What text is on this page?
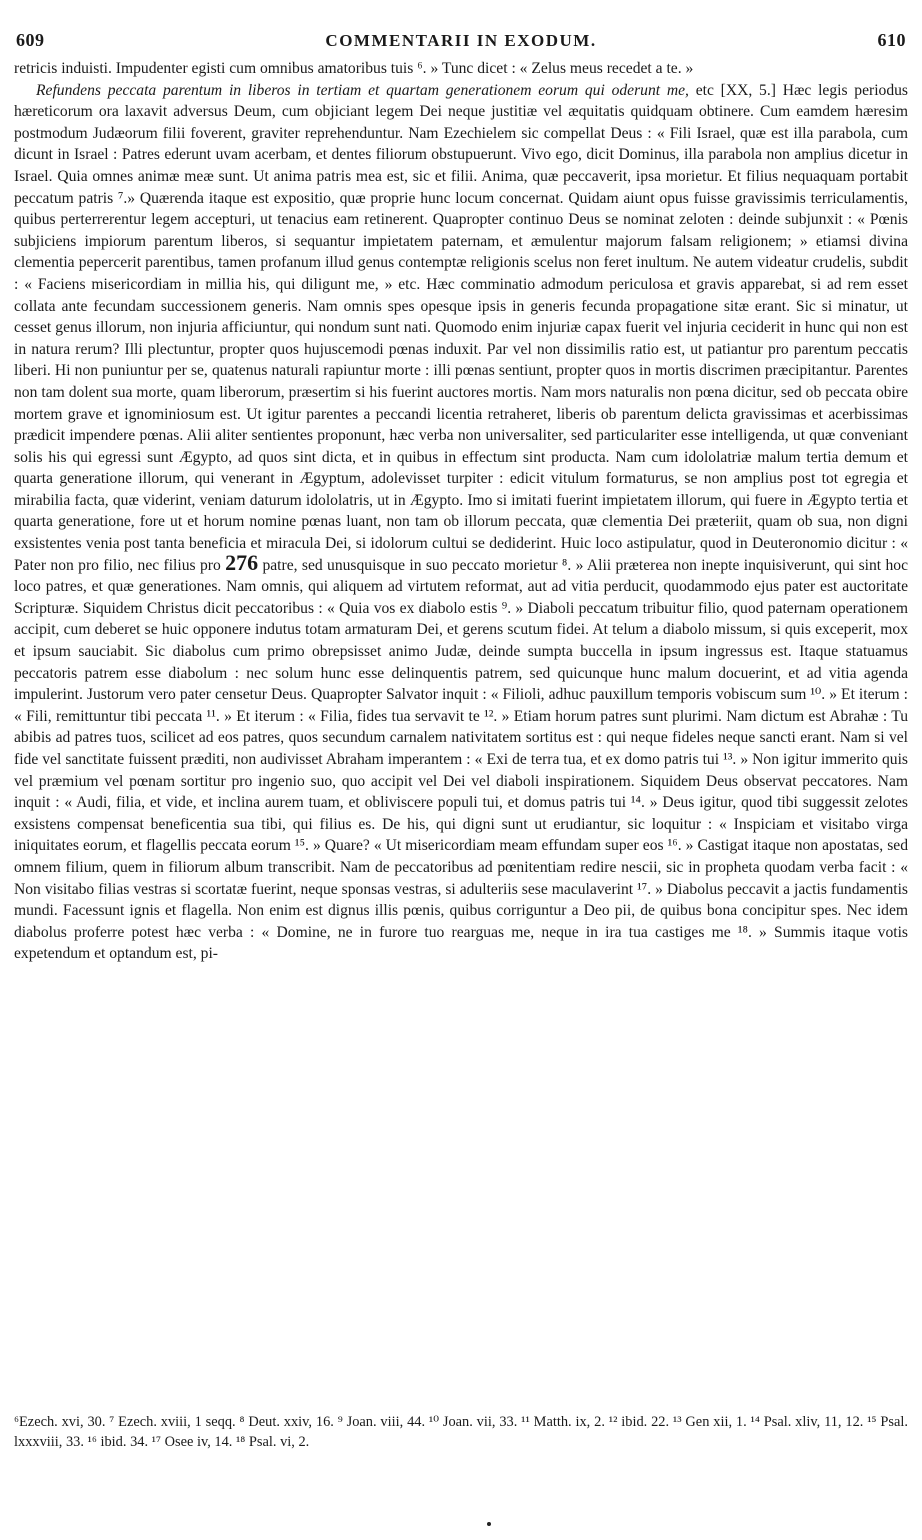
609	COMMENTARII IN EXODUM.	610
retricis induisti. Impudenter egisti cum omnibus amatoribus tuis ⁶. » Tunc dicet : « Zelus meus recedet a te. »
Refundens peccata parentum in liberos in tertiam et quartam generationem eorum qui oderunt me, etc [XX, 5.] Hæc legis periodus hæreticorum ora laxavit adversus Deum, cum objiciant legem Dei neque justitiæ vel æquitatis quidquam obtinere. Cum eamdem hæresim postmodum Judæorum filii foverent, graviter reprehenduntur. Nam Ezechielem sic compellat Deus : « Fili Israel, quæ est illa parabola, cum dicunt in Israel : Patres ederunt uvam acerbam, et dentes filiorum obstupuerunt. Vivo ego, dicit Dominus, illa parabola non amplius dicetur in Israel. Quia omnes animæ meæ sunt. Ut anima patris mea est, sic et filii. Anima, quæ peccaverit, ipsa morietur. Et filius nequaquam portabit peccatum patris ⁷.» Quærenda itaque est expositio, quæ proprie hunc locum concernat. Quidam aiunt opus fuisse gravissimis terriculamentis, quibus perterrerentur legem accepturi, ut tenacius eam retinerent. Quapropter continuo Deus se nominat zeloten : deinde subjunxit : « Pœnis subjiciens impiorum parentum liberos, si sequantur impietatem paternam, et æmulentur majorum falsam religionem; » etiamsi divina clementia pepercerit parentibus, tamen profanum illud genus contemptæ religionis scelus non feret inultum. Ne autem videatur crudelis, subdit : « Faciens misericordiam in millia his, qui diligunt me, » etc. Hæc comminatio admodum periculosa et gravis apparebat, si ad rem esset collata ante fecundam successionem generis. Nam omnis spes opesque ipsis in generis fecunda propagatione sitæ erant. Sic si minatur, ut cesset genus illorum, non injuria afficiuntur, qui nondum sunt nati. Quomodo enim injuriæ capax fuerit vel injuria ceciderit in hunc qui non est in natura rerum? Illi plectuntur, propter quos hujuscemodi pœnas induxit. Par vel non dissimilis ratio est, ut patiantur pro parentum peccatis liberi. Hi non puniuntur per se, quatenus naturali rapiuntur morte : illi pœnas sentiunt, propter quos in mortis discrimen præcipitantur. Parentes non tam dolent sua morte, quam liberorum, præsertim si his fuerint auctores mortis. Nam mors naturalis non pœna dicitur, sed ob peccata obire mortem grave et ignominiosum est. Ut igitur parentes a peccandi licentia retraheret, liberis ob parentum delicta gravissimas et acerbissimas prædicit impendere pœnas. Alii aliter sentientes proponunt, hæc verba non universaliter, sed particulariter esse intelligenda, ut quæ conveniant solis his qui egressi sunt Ægypto, ad quos sint dicta, et in quibus in effectum sint producta. Nam cum idololatriæ malum tertia demum et quarta generatione illorum, qui venerant in Ægyptum, adolevisset turpiter : edicit vitulum formaturus, se non amplius post tot egregia et mirabilia facta, quæ viderint, veniam daturum idololatris, ut in Ægypto. Imo si imitati fuerint impietatem illorum, qui fuere in Ægypto tertia et quarta generatione, fore ut et horum nomine pœnas luant, non tam ob illorum peccata, quæ clementia Dei præteriit, quam ob sua, non digni exsistentes venia post tanta beneficia et miracula Dei, si idolorum cultui se dediderint. Huic loco astipulatur, quod in Deuteronomio dicitur : « Pater non pro filio, nec filius pro 276 patre, sed unusquisque in suo peccato morietur ⁸. » Alii præterea non inepte inquisiverunt, qui sint hoc loco patres, et quæ generationes. Nam omnis, qui aliquem ad virtutem reformat, aut ad vitia perducit, quodammodo ejus pater est auctoritate Scripturæ. Siquidem Christus dicit peccatoribus : « Quia vos ex diabolo estis ⁹. » Diaboli peccatum tribuitur filio, quod paternam operationem accipit, cum deberet se huic opponere indutus totam armaturam Dei, et gerens scutum fidei. At telum a diabolo missum, si quis exceperit, mox et ipsum sauciabit. Sic diabolus cum primo obrepsisset animo Judæ, deinde sumpta buccella in ipsum ingressus est. Itaque statuamus peccatoris patrem esse diabolum : nec solum hunc esse delinquentis patrem, sed quicunque hunc malum docuerint, et ad vitia agenda impulerint. Justorum vero pater censetur Deus. Quapropter Salvator inquit : « Filioli, adhuc pauxillum temporis vobiscum sum ¹⁰. » Et iterum : « Fili, remittuntur tibi peccata ¹¹. » Et iterum : « Filia, fides tua servavit te ¹². » Etiam horum patres sunt plurimi. Nam dictum est Abrahæ : Tu abibis ad patres tuos, scilicet ad eos patres, quos secundum carnalem nativitatem sortitus est : qui neque fideles neque sancti erant. Nam si vel fide vel sanctitate fuissent præditi, non audivisset Abraham imperantem : « Exi de terra tua, et ex domo patris tui ¹³. » Non igitur immerito quis vel præmium vel pœnam sortitur pro ingenio suo, quo accipit vel Dei vel diaboli inspirationem. Siquidem Deus observat peccatores. Nam inquit : « Audi, filia, et vide, et inclina aurem tuam, et obliviscere populi tui, et domus patris tui ¹⁴. » Deus igitur, quod tibi suggessit zelotes exsistens compensat beneficentia sua tibi, qui filius es. De his, qui digni sunt ut erudiantur, sic loquitur : « Inspiciam et visitabo virga iniquitates eorum, et flagellis peccata eorum ¹⁵. » Quare? « Ut misericordiam meam effundam super eos ¹⁶. » Castigat itaque non apostatas, sed omnem filium, quem in filiorum album transcribit. Nam de peccatoribus ad pœnitentiam redire nescii, sic in propheta quodam verba facit : « Non visitabo filias vestras si scortatæ fuerint, neque sponsas vestras, si adulteriis sese maculaverint ¹⁷. » Diabolus peccavit a jactis fundamentis mundi. Facessunt ignis et flagella. Non enim est dignus illis pœnis, quibus corriguntur a Deo pii, de quibus bona concipitur spes. Nec idem diabolus proferre potest hæc verba : « Domine, ne in furore tuo rearguas me, neque in ira tua castiges me ¹⁸. » Summis itaque votis expetendum et optandum est, pi-
⁶Ezech. xvi, 30. ⁷ Ezech. xviii, 1 seqq. ⁸ Deut. xxiv, 16. ⁹ Joan. viii, 44. ¹⁰ Joan. vii, 33. ¹¹ Matth. ix, 2. ¹² ibid. 22. ¹³ Gen xii, 1. ¹⁴ Psal. xliv, 11, 12. ¹⁵ Psal. lxxxviii, 33. ¹⁶ ibid. 34. ¹⁷ Osee iv, 14. ¹⁸ Psal. vi, 2.
